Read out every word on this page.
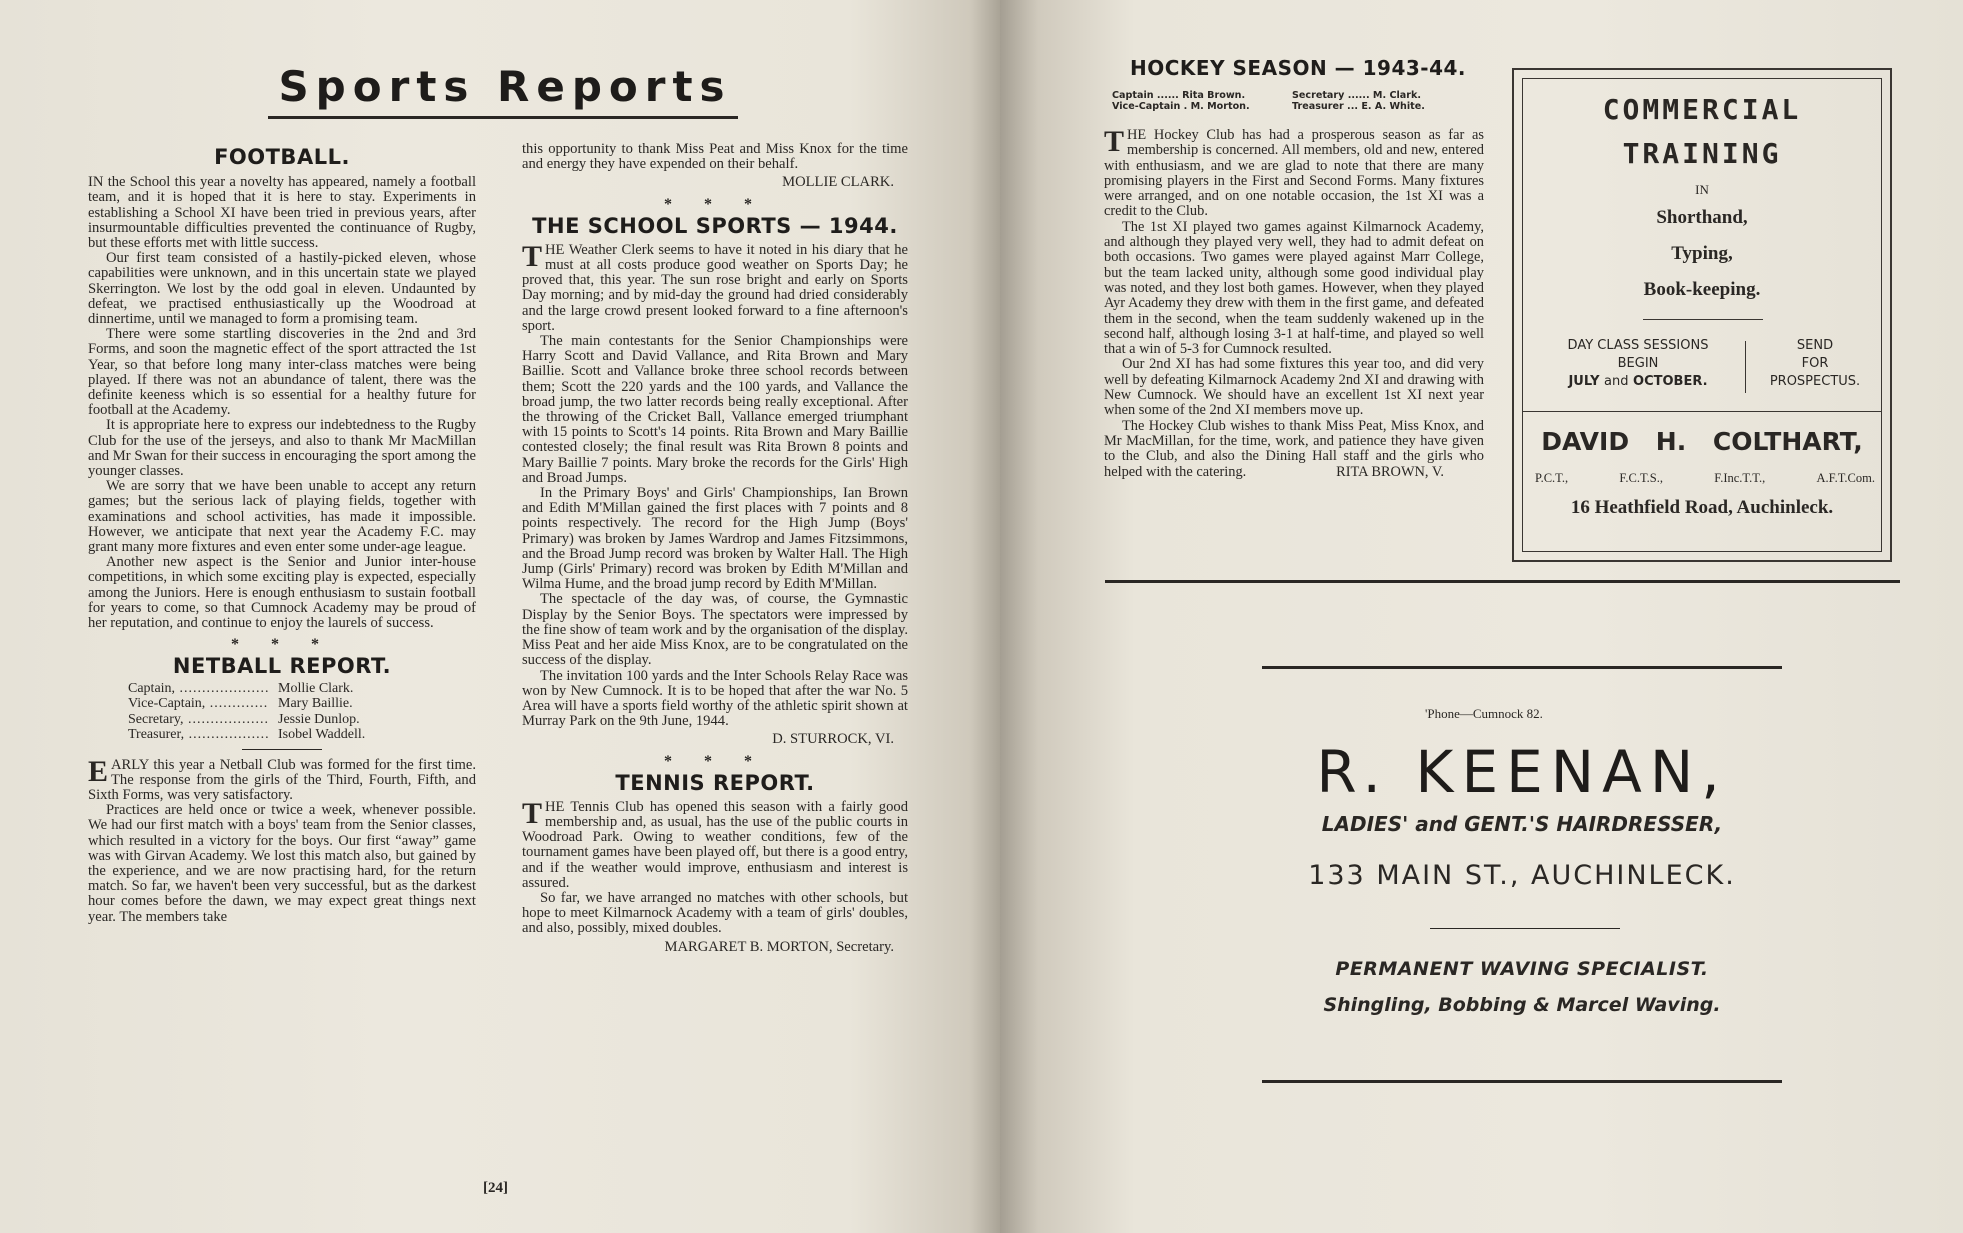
Sports Reports
FOOTBALL.

IN the School this year a novelty has appeared, namely a football team, and it is hoped that it is here to stay. Experiments in establishing a School XI have been tried in previous years, after insurmountable difficulties prevented the continuance of Rugby, but these efforts met with little success.

Our first team consisted of a hastily-picked eleven, whose capabilities were unknown, and in this uncertain state we played Skerrington. We lost by the odd goal in eleven. Undaunted by defeat, we practised enthusiastically up the Woodroad at dinnertime, until we managed to form a promising team.

There were some startling discoveries in the 2nd and 3rd Forms, and soon the magnetic effect of the sport attracted the 1st Year, so that before long many inter-class matches were being played. If there was not an abundance of talent, there was the definite keeness which is so essential for a healthy future for football at the Academy.

It is appropriate here to express our indebtedness to the Rugby Club for the use of the jerseys, and also to thank Mr MacMillan and Mr Swan for their success in encouraging the sport among the younger classes.

We are sorry that we have been unable to accept any return games; but the serious lack of playing fields, together with examinations and school activities, has made it impossible. However, we anticipate that next year the Academy F.C. may grant many more fixtures and even enter some under-age league.

Another new aspect is the Senior and Junior inter-house competitions, in which some exciting play is expected, especially among the Juniors. Here is enough enthusiasm to sustain football for years to come, so that Cumnock Academy may be proud of her reputation, and continue to enjoy the laurels of success.

* * *
NETBALL REPORT.
Captain, .....	Mollie Clark.
Vice-Captain, .....	Mary Baillie.
Secretary, .....	Jessie Dunlop.
Treasurer, .....	Isobel Waddell.

EARLY this year a Netball Club was formed for the first time. The response from the girls of the Third, Fourth, Fifth, and Sixth Forms, was very satisfactory.

Practices are held once or twice a week, whenever possible. We had our first match with a boys' team from the Senior classes, which resulted in a victory for the boys. Our first “away” game was with Girvan Academy. We lost this match also, but gained by the experience, and we are now practising hard, for the return match. So far, we haven't been very successful, but as the darkest hour comes before the dawn, we may expect great things next year. The members take

this opportunity to thank Miss Peat and Miss Knox for the time and energy they have expended on their behalf.

MOLLIE CLARK.
* * *
THE SCHOOL SPORTS — 1944.

THE Weather Clerk seems to have it noted in his diary that he must at all costs produce good weather on Sports Day; he proved that, this year. The sun rose bright and early on Sports Day morning; and by mid-day the ground had dried considerably and the large crowd present looked forward to a fine afternoon's sport.

The main contestants for the Senior Championships were Harry Scott and David Vallance, and Rita Brown and Mary Baillie. Scott and Vallance broke three school records between them; Scott the 220 yards and the 100 yards, and Vallance the broad jump, the two latter records being really exceptional. After the throwing of the Cricket Ball, Vallance emerged triumphant with 15 points to Scott's 14 points. Rita Brown and Mary Baillie contested closely; the final result was Rita Brown 8 points and Mary Baillie 7 points. Mary broke the records for the Girls' High and Broad Jumps.

In the Primary Boys' and Girls' Championships, Ian Brown and Edith M'Millan gained the first places with 7 points and 8 points respectively. The record for the High Jump (Boys' Primary) was broken by James Wardrop and James Fitzsimmons, and the Broad Jump record was broken by Walter Hall. The High Jump (Girls' Primary) record was broken by Edith M'Millan and Wilma Hume, and the broad jump record by Edith M'Millan.

The spectacle of the day was, of course, the Gymnastic Display by the Senior Boys. The spectators were impressed by the fine show of team work and by the organisation of the display. Miss Peat and her aide Miss Knox, are to be congratulated on the success of the display.

The invitation 100 yards and the Inter Schools Relay Race was won by New Cumnock. It is to be hoped that after the war No. 5 Area will have a sports field worthy of the athletic spirit shown at Murray Park on the 9th June, 1944.

D. STURROCK, VI.
* * *
TENNIS REPORT.

THE Tennis Club has opened this season with a fairly good membership and, as usual, has the use of the public courts in Woodroad Park. Owing to weather conditions, few of the tournament games have been played off, but there is a good entry, and if the weather would improve, enthusiasm and interest is assured.

So far, we have arranged no matches with other schools, but hope to meet Kilmarnock Academy with a team of girls' doubles, and also, possibly, mixed doubles.

MARGARET B. MORTON, Secretary.
[24]
HOCKEY SEASON — 1943-44.
Captain ...... Rita Brown.	Secretary ...... M. Clark.
Vice-Captain . M. Morton.	Treasurer ... E. A. White.

THE Hockey Club has had a prosperous season as far as membership is concerned. All members, old and new, entered with enthusiasm, and we are glad to note that there are many promising players in the First and Second Forms. Many fixtures were arranged, and on one notable occasion, the 1st XI was a credit to the Club.

The 1st XI played two games against Kilmarnock Academy, and although they played very well, they had to admit defeat on both occasions. Two games were played against Marr College, but the team lacked unity, although some good individual play was noted, and they lost both games. However, when they played Ayr Academy they drew with them in the first game, and defeated them in the second, when the team suddenly wakened up in the second half, although losing 3-1 at half-time, and played so well that a win of 5-3 for Cumnock resulted.

Our 2nd XI has had some fixtures this year too, and did very well by defeating Kilmarnock Academy 2nd XI and drawing with New Cumnock. We should have an excellent 1st XI next year when some of the 2nd XI members move up.

The Hockey Club wishes to thank Miss Peat, Miss Knox, and Mr MacMillan, for the time, work, and patience they have given to the Club, and also the Dining Hall staff and the girls who helped with the catering.	RITA BROWN, V.
COMMERCIAL
TRAINING
IN
Shorthand,
Typing,
Book-keeping.
DAY CLASS SESSIONS
BEGIN
JULY and OCTOBER.
SEND
FOR
PROSPECTUS.
DAVID H. COLTHART,
P.C.T.,	F.C.T.S.,	F.Inc.T.T.,	A.F.T.Com.
16 Heathfield Road, Auchinleck.
'Phone—Cumnock 82.
R. KEENAN,
LADIES' and GENT.'S HAIRDRESSER,
133 MAIN ST., AUCHINLECK.
PERMANENT WAVING SPECIALIST.
Shingling, Bobbing & Marcel Waving.
